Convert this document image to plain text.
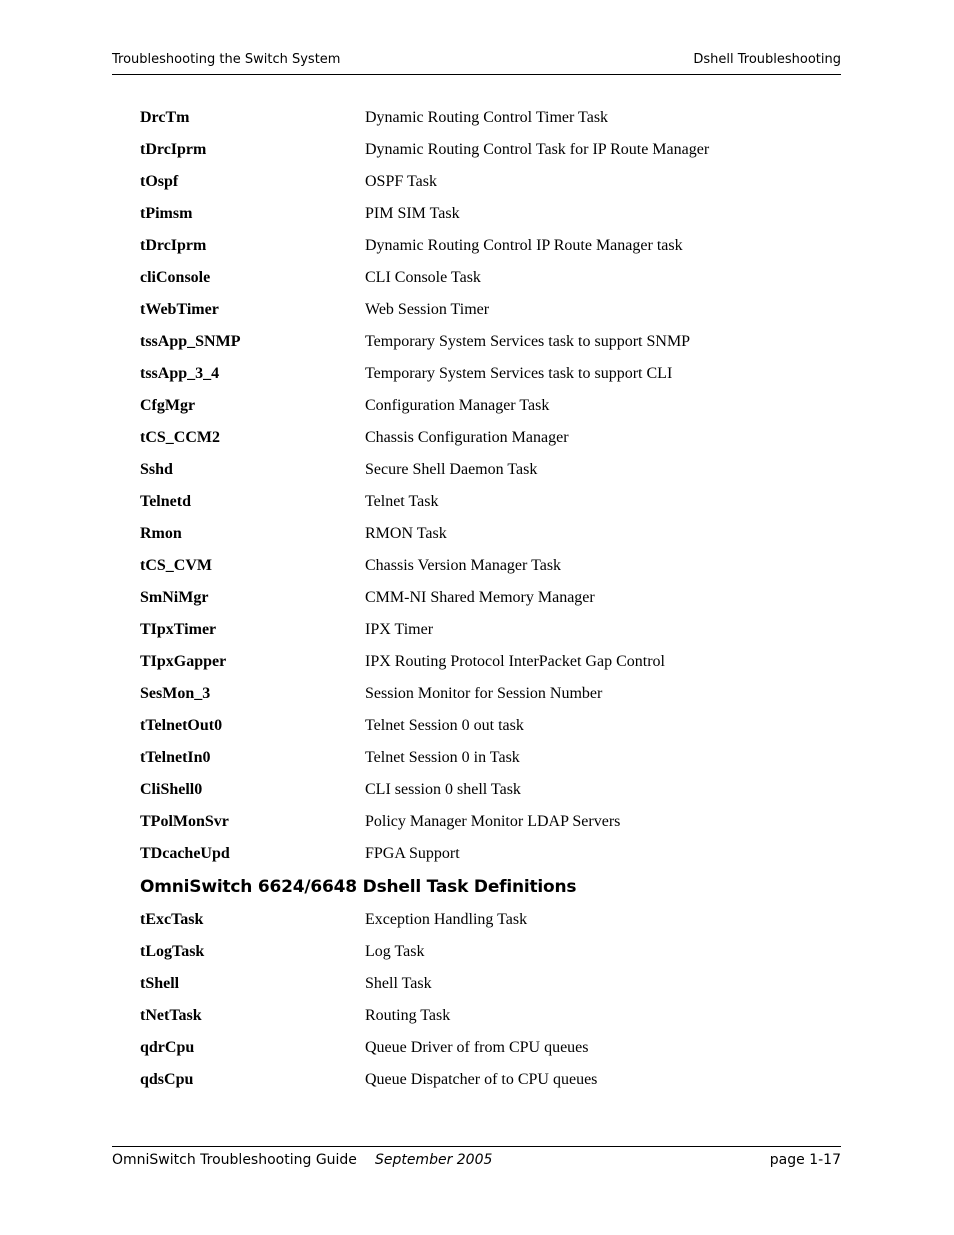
Troubleshooting the Switch System	Dshell Troubleshooting
DrcTm	Dynamic Routing Control Timer Task
tDrcIprm	Dynamic Routing Control Task for IP Route Manager
tOspf	OSPF Task
tPimsm	PIM SIM Task
tDrcIprm	Dynamic Routing Control IP Route Manager task
cliConsole	CLI Console Task
tWebTimer	Web Session Timer
tssApp_SNMP	Temporary System Services task to support SNMP
tssApp_3_4	Temporary System Services task to support CLI
CfgMgr	Configuration Manager Task
tCS_CCM2	Chassis Configuration Manager
Sshd	Secure Shell Daemon Task
Telnetd	Telnet Task
Rmon	RMON Task
tCS_CVM	Chassis Version Manager Task
SmNiMgr	CMM-NI Shared Memory Manager
TIpxTimer	IPX Timer
TIpxGapper	IPX Routing Protocol InterPacket Gap Control
SesMon_3	Session Monitor for Session Number
tTelnetOut0	Telnet Session 0 out task
tTelnetIn0	Telnet Session 0 in Task
CliShell0	CLI session 0 shell Task
TPolMonSvr	Policy Manager Monitor LDAP Servers
TDcacheUpd	FPGA Support
OmniSwitch 6624/6648 Dshell Task Definitions
tExcTask	Exception Handling Task
tLogTask	Log Task
tShell	Shell Task
tNetTask	Routing Task
qdrCpu	Queue Driver of from CPU queues
qdsCpu	Queue Dispatcher of to CPU queues
OmniSwitch Troubleshooting Guide September 2005	page 1-17
